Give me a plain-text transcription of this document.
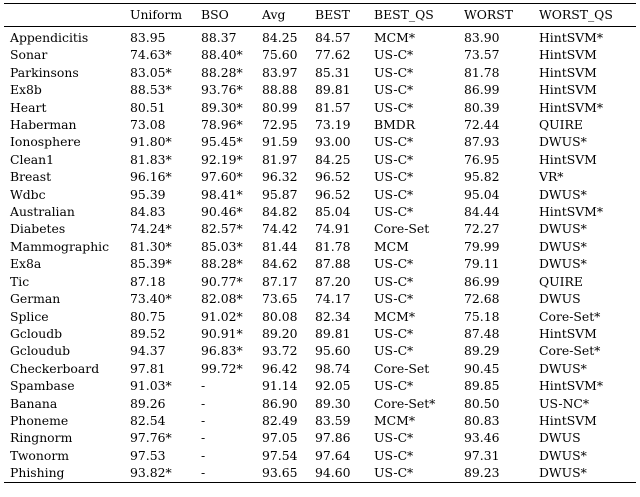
	Uniform	BSO	Avg	BEST	BEST_QS	WORST	WORST_QS
Appendicitis	83.95	88.37	84.25	84.57	MCM*	83.90	HintSVM*
Sonar	74.63*	88.40*	75.60	77.62	US-C*	73.57	HintSVM
Parkinsons	83.05*	88.28*	83.97	85.31	US-C*	81.78	HintSVM
Ex8b	88.53*	93.76*	88.88	89.81	US-C*	86.99	HintSVM
Heart	80.51	89.30*	80.99	81.57	US-C*	80.39	HintSVM*
Haberman	73.08	78.96*	72.95	73.19	BMDR	72.44	QUIRE
Ionosphere	91.80*	95.45*	91.59	93.00	US-C*	87.93	DWUS*
Clean1	81.83*	92.19*	81.97	84.25	US-C*	76.95	HintSVM
Breast	96.16*	97.60*	96.32	96.52	US-C*	95.82	VR*
Wdbc	95.39	98.41*	95.87	96.52	US-C*	95.04	DWUS*
Australian	84.83	90.46*	84.82	85.04	US-C*	84.44	HintSVM*
Diabetes	74.24*	82.57*	74.42	74.91	Core-Set	72.27	DWUS*
Mammographic	81.30*	85.03*	81.44	81.78	MCM	79.99	DWUS*
Ex8a	85.39*	88.28*	84.62	87.88	US-C*	79.11	DWUS*
Tic	87.18	90.77*	87.17	87.20	US-C*	86.99	QUIRE
German	73.40*	82.08*	73.65	74.17	US-C*	72.68	DWUS
Splice	80.75	91.02*	80.08	82.34	MCM*	75.18	Core-Set*
Gcloudb	89.52	90.91*	89.20	89.81	US-C*	87.48	HintSVM
Gcloudub	94.37	96.83*	93.72	95.60	US-C*	89.29	Core-Set*
Checkerboard	97.81	99.72*	96.42	98.74	Core-Set	90.45	DWUS*
Spambase	91.03*	-	91.14	92.05	US-C*	89.85	HintSVM*
Banana	89.26	-	86.90	89.30	Core-Set*	80.50	US-NC*
Phoneme	82.54	-	82.49	83.59	MCM*	80.83	HintSVM
Ringnorm	97.76*	-	97.05	97.86	US-C*	93.46	DWUS
Twonorm	97.53	-	97.54	97.64	US-C*	97.31	DWUS*
Phishing	93.82*	-	93.65	94.60	US-C*	89.23	DWUS*
